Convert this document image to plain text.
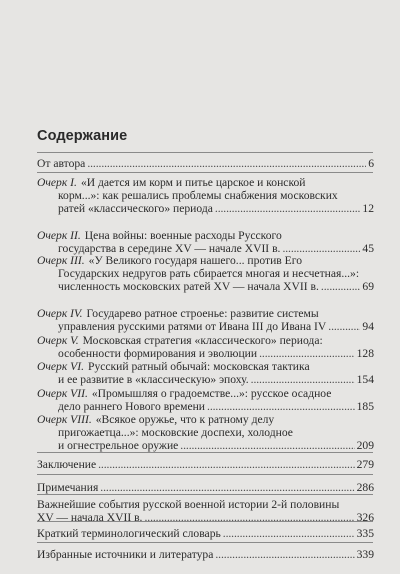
Содержание
От автора . . .	6
Очерк I. «И дается им корм и питье царское и конской
корм...»: как решались проблемы снабжения московских
ратей «классического» периода . . .	12
Очерк II. Цена войны: военные расходы Русского
государства в середине XV — начале XVII в. . . .	45
Очерк III. «У Великого государя нашего... против Его
Государских недругов рать сбирается многая и несчетная...»:
численность московских ратей XV — начала XVII в. . . .	69
Очерк IV. Государево ратное строенье: развитие системы
управления русскими ратями от Ивана III до Ивана IV . . .	94
Очерк V. Московская стратегия «классического» периода:
особенности формирования и эволюции . . .	128
Очерк VI. Русский ратный обычай: московская тактика
и ее развитие в «классическую» эпоху. . . .	154
Очерк VII. «Промышляя о градоемстве...»: русское осадное
дело раннего Нового времени . . .	185
Очерк VIII. «Всякое оружье, что к ратному делу
пригожаетца...»: московские доспехи, холодное
и огнестрельное оружие . . .	209
Заключение . . .	279
Примечания . . .	286
Важнейшие события русской военной истории 2-й половины
XV — начала XVII в. . . .	326
Краткий терминологический словарь . . .	335
Избранные источники и литература . . .	339
